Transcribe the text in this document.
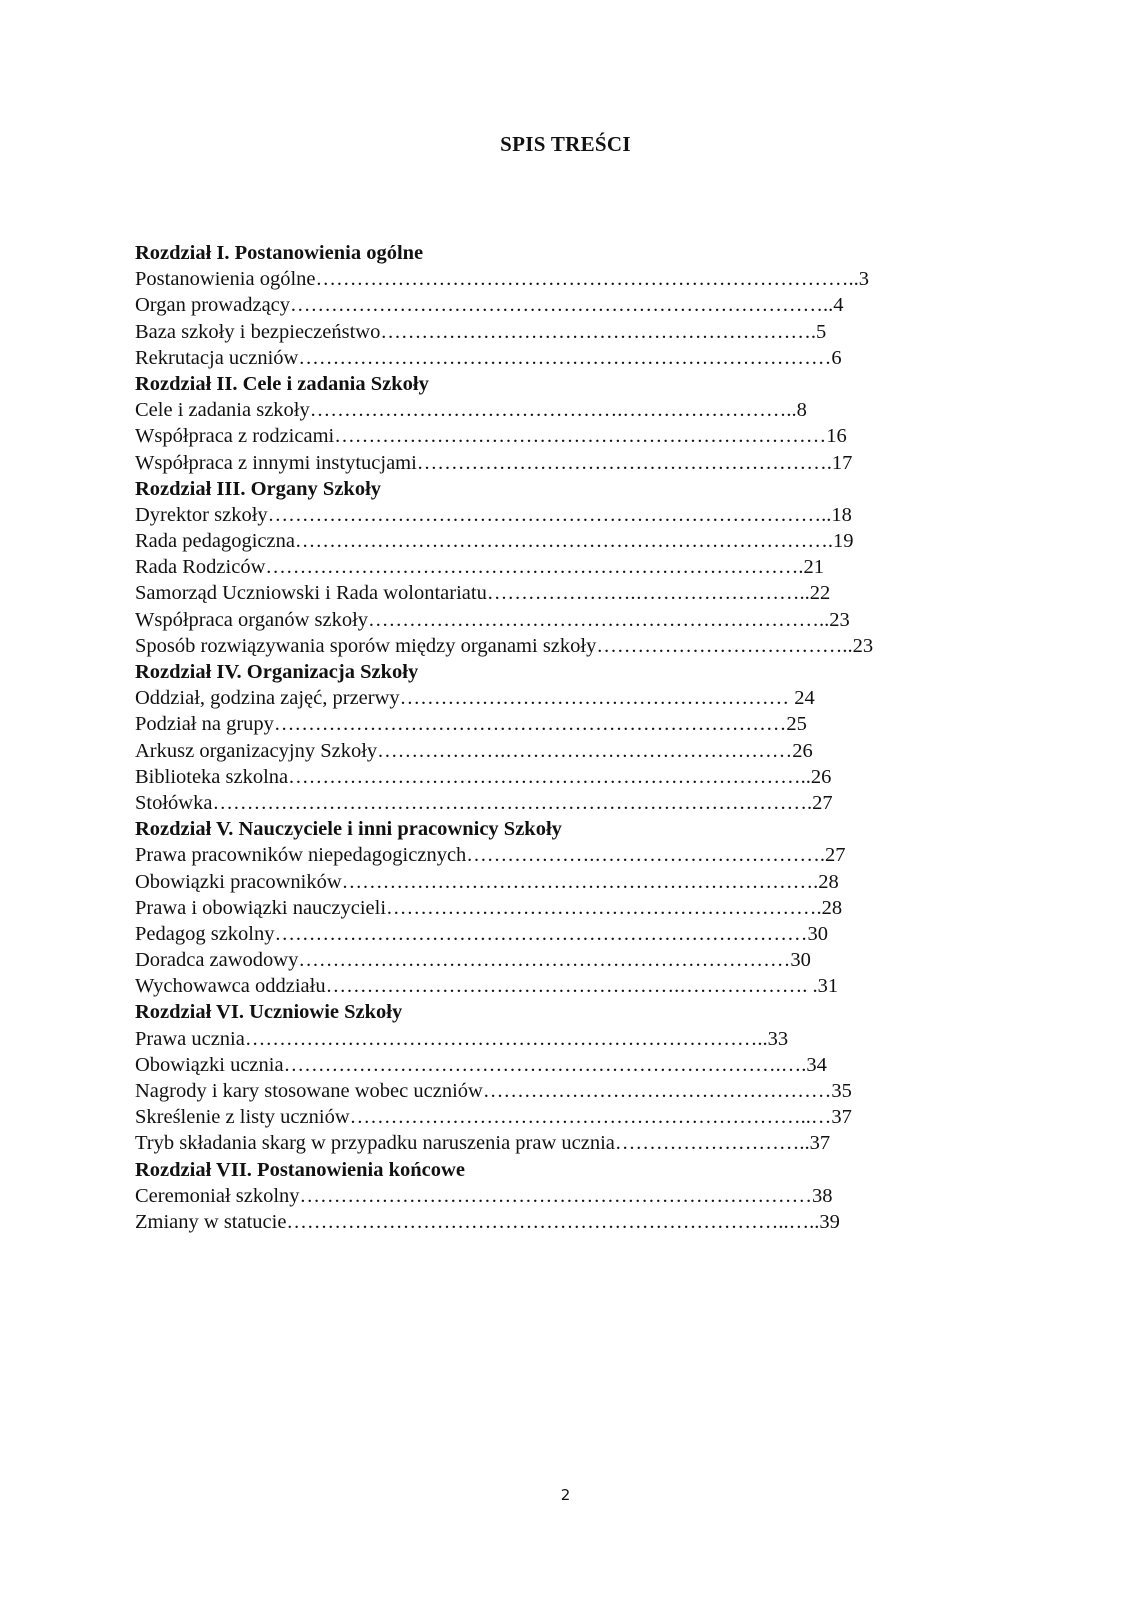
SPIS TREŚCI
Rozdział I. Postanowienia ogólne
Postanowienia ogólne……………………………………………………………………..3
Organ prowadzący……………………………………………………………………..4
Baza szkoły i bezpieczeństwo……………………………………………………….5
Rekrutacja uczniów……………………………………………………………………6
Rozdział II. Cele i zadania Szkoły
Cele i zadania szkoły……………………………………….……………………..8
Współpraca z rodzicami………………………………………………………………16
Współpraca z innymi instytucjami…………………………………………………….17
Rozdział III. Organy Szkoły
Dyrektor szkoły………………………………………………………………………..18
Rada pedagogiczna…………………………………………………………………….19
Rada Rodziców…………………………………………………………………….21
Samorząd Uczniowski i Rada wolontariatu………………….……………………..22
Współpraca organów szkoły…………………………………………………………..23
Sposób rozwiązywania sporów między organami szkoły………………………………..23
Rozdział IV. Organizacja Szkoły
Oddział, godzina zajęć, przerwy………………………………………………… 24
Podział na grupy…………………………………………………………………25
Arkusz organizacyjny Szkoły……………….……………………………………26
Biblioteka szkolna…………………………………………………………………..26
Stołówka…………………………………………………………………………….27
Rozdział V. Nauczyciele i inni pracownicy Szkoły
Prawa pracowników niepedagogicznych……………….…………………………….27
Obowiązki pracowników…………………………………………………………….28
Prawa i obowiązki nauczycieli……………………………………………………….28
Pedagog szkolny……………………………………………………………………30
Doradca zawodowy………………………………………………………………30
Wychowawca oddziału…………………………………………….………………. .31
Rozdział VI. Uczniowie Szkoły
Prawa ucznia…………………………………………………………………..33
Obowiązki ucznia……………………………………………………………….….34
Nagrody i kary stosowane wobec uczniów……………………………………………35
Skreślenie z listy uczniów…………………………………………………………..…37
Tryb składania skarg w przypadku naruszenia praw ucznia………………………..37
Rozdział VII. Postanowienia końcowe
Ceremoniał szkolny…………………………………………………………………38
Zmiany w statucie………………………………………………………………..…..39
2
